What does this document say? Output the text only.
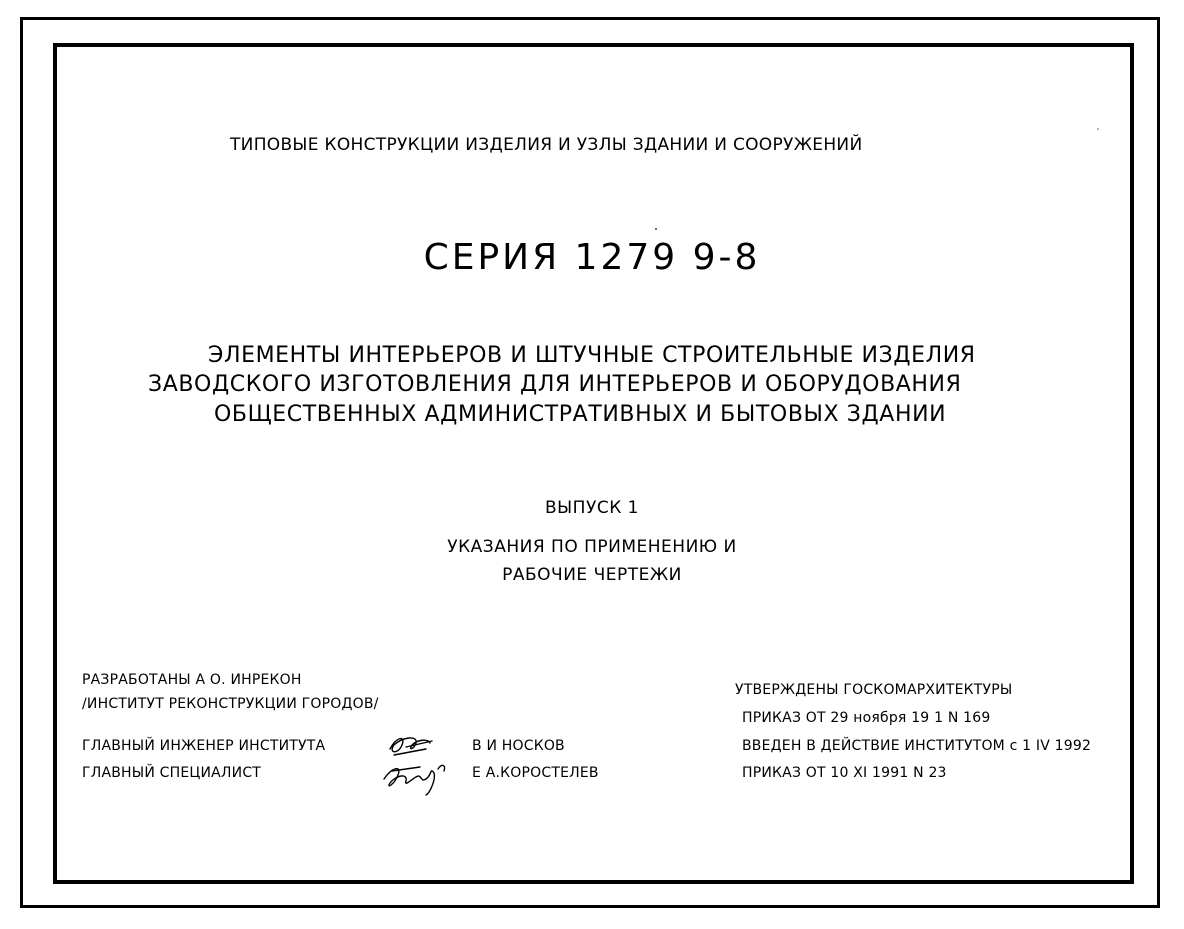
ТИПОВЫЕ КОНСТРУКЦИИ ИЗДЕЛИЯ И УЗЛЫ ЗДАНИИ И СООРУЖЕНИЙ
СЕРИЯ 1279 9-8
ЭЛЕМЕНТЫ ИНТЕРЬЕРОВ И ШТУЧНЫЕ СТРОИТЕЛЬНЫЕ ИЗДЕЛИЯ
ЗАВОДСКОГО ИЗГОТОВЛЕНИЯ ДЛЯ ИНТЕРЬЕРОВ И ОБОРУДОВАНИЯ
ОБЩЕСТВЕННЫХ АДМИНИСТРАТИВНЫХ И БЫТОВЫХ ЗДАНИИ
ВЫПУСК 1
УКАЗАНИЯ ПО ПРИМЕНЕНИЮ И
РАБОЧИЕ ЧЕРТЕЖИ
РАЗРАБОТАНЫ А О. ИНРЕКОН
/ИНСТИТУТ РЕКОНСТРУКЦИИ ГОРОДОВ/
ГЛАВНЫЙ ИНЖЕНЕР ИНСТИТУТА
ГЛАВНЫЙ СПЕЦИАЛИСТ
В И НОСКОВ
Е А.КОРОСТЕЛЕВ
УТВЕРЖДЕНЫ ГОСКОМАРХИТЕКТУРЫ
ПРИКАЗ ОТ 29 ноября 19 1 N 169
ВВЕДЕН В ДЕЙСТВИЕ ИНСТИТУТОМ с 1 IV 1992
ПРИКАЗ ОТ 10 XI 1991 N 23
